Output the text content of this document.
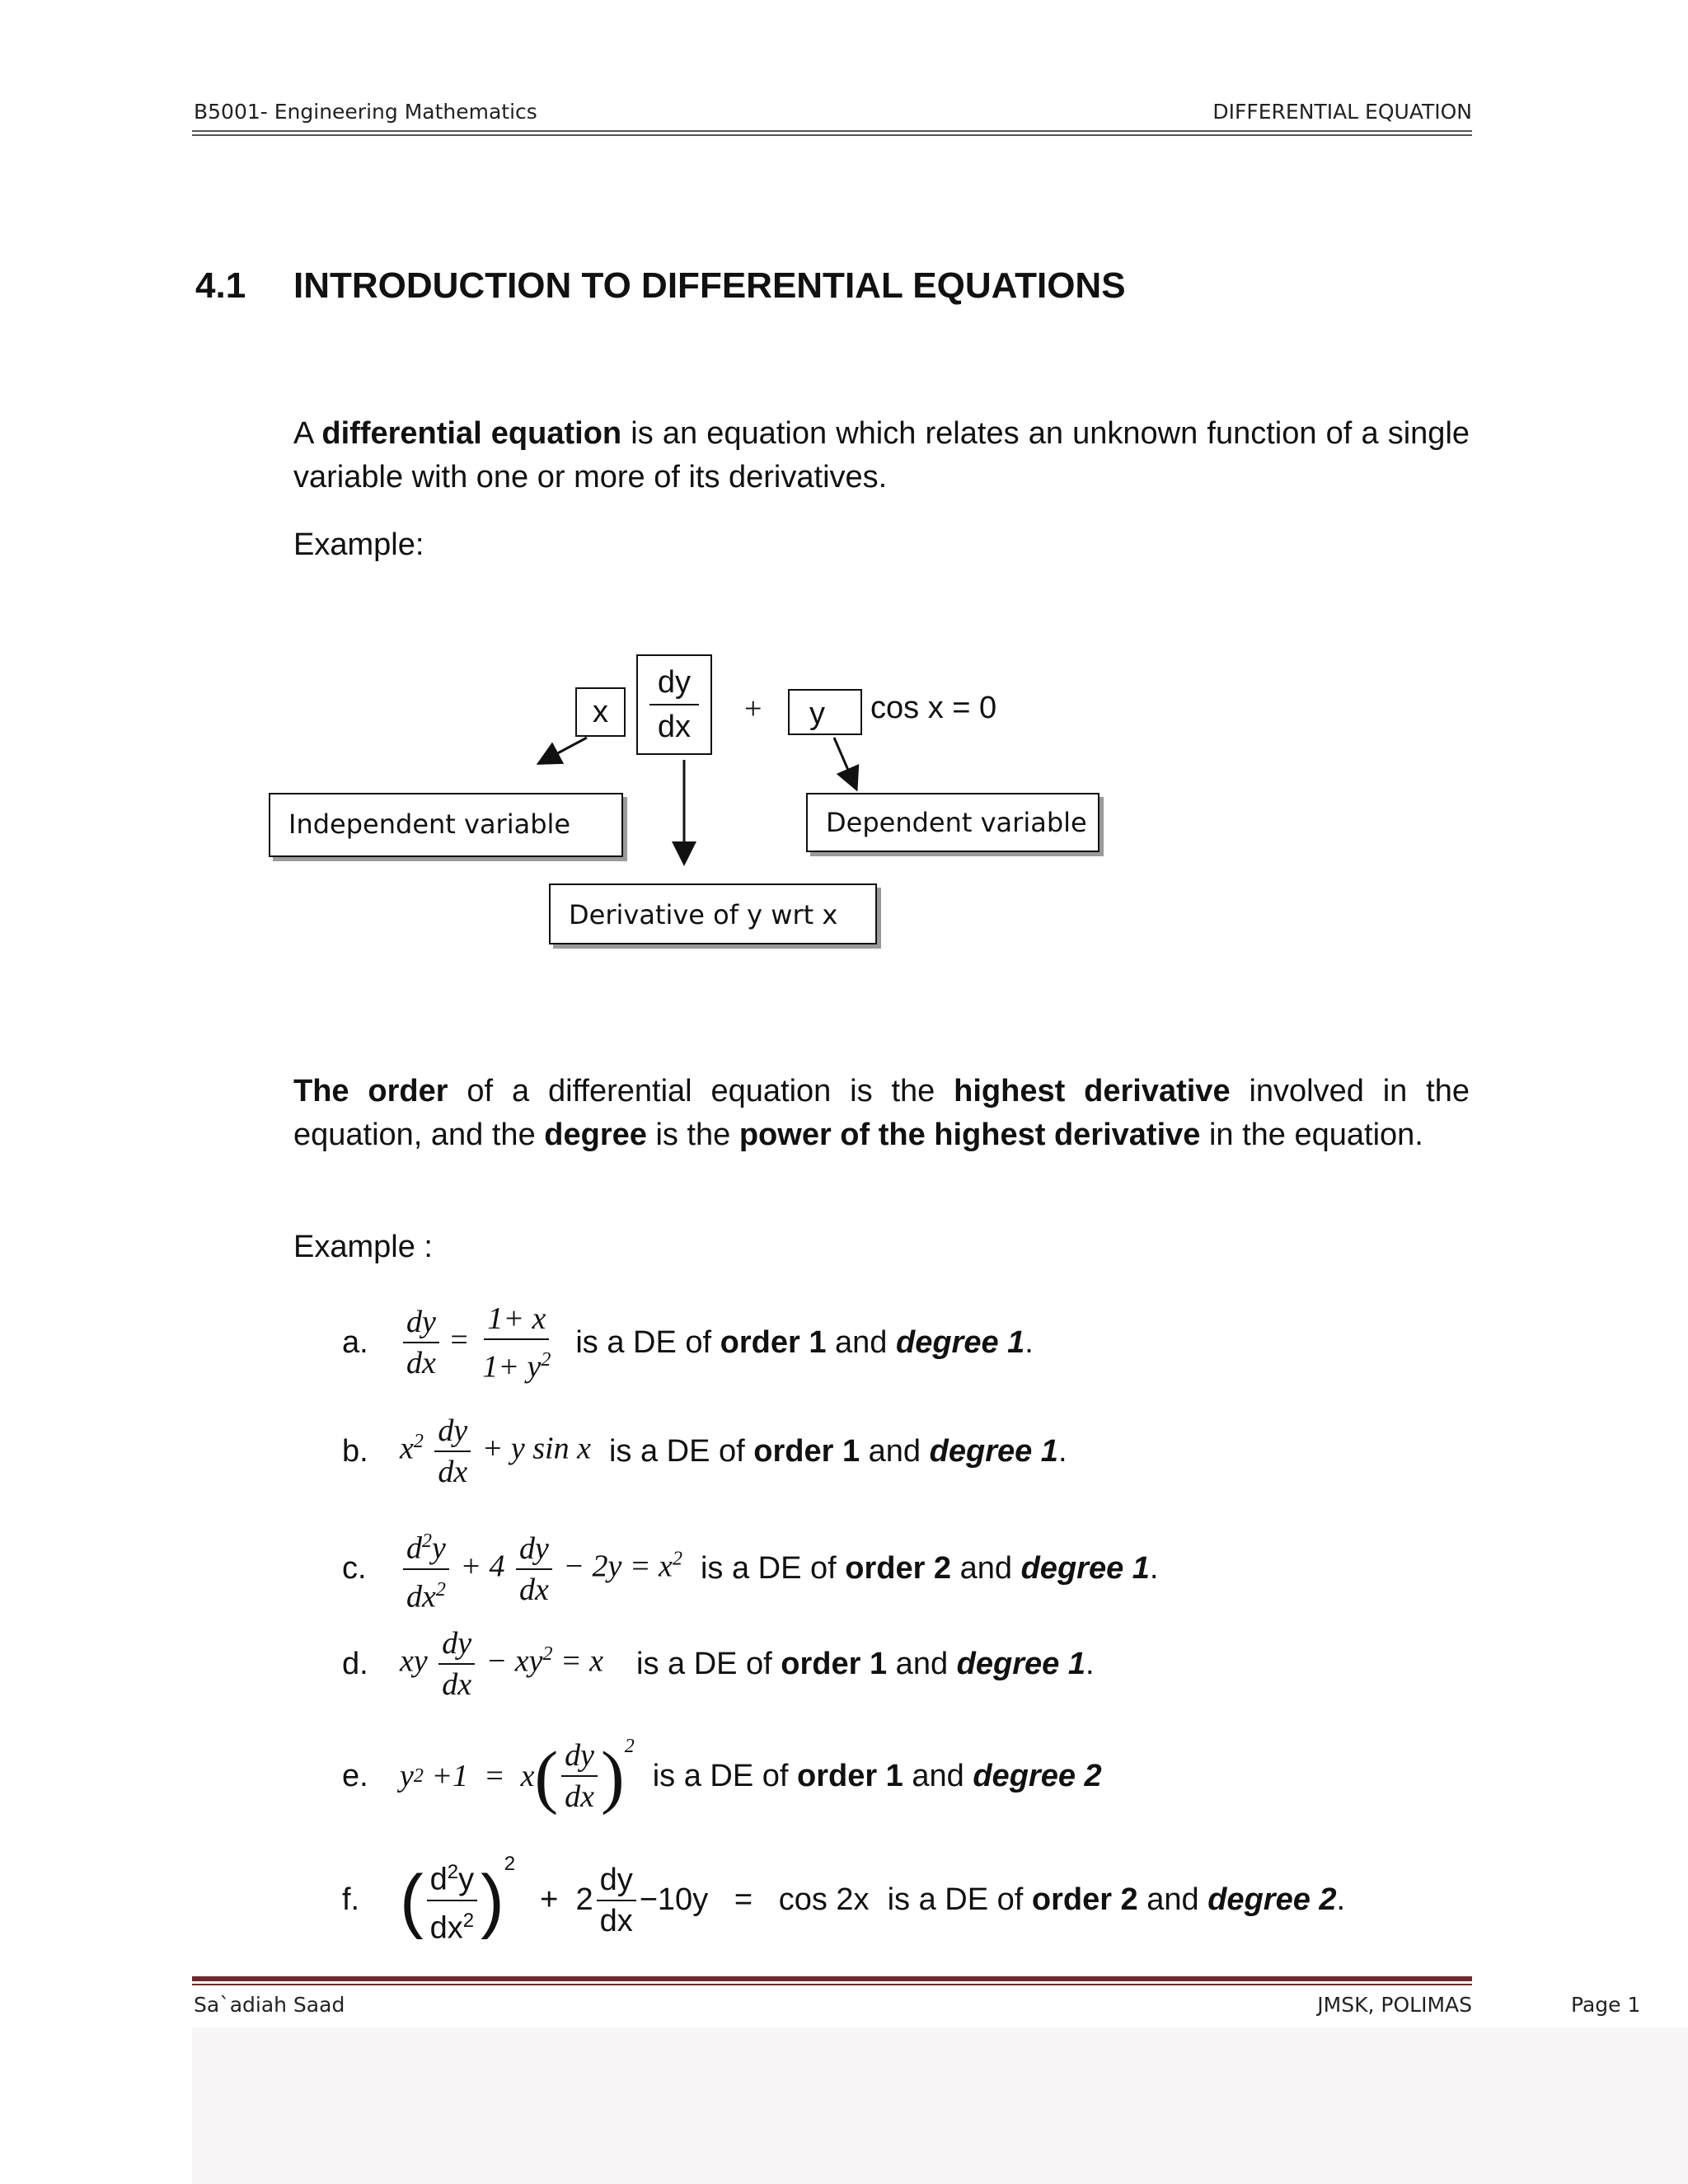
B5001- Engineering Mathematics	DIFFERENTIAL EQUATION
4.1 INTRODUCTION TO DIFFERENTIAL EQUATIONS
A differential equation is an equation which relates an unknown function of a single variable with one or more of its derivatives.
Example:
x
dy
dx
+	y	cos x = 0
Independent variable	Dependent variable
Derivative of y wrt x
The order of a differential equation is the highest derivative involved in the equation, and the degree is the power of the highest derivative in the equation.
Example :
a.	$\frac{dy}{dx} = \frac{1+ x}{1+ y^2}$ is a DE of order 1 and degree 1.
b.	$x^2 \frac{dy}{dx} + y$ sin x is a DE of order 1 and degree 1.
c.	$\frac{d^2y}{dx^2} + 4 \frac{dy}{dx} - 2y = x^2$ is a DE of order 2 and degree 1.
d.	xy $\frac{dy}{dx} - xy^2 = x$ is a DE of order 1 and degree 1.
e.	y 2 +1  =  x ( $\frac{dy}{dx}$ ) 2
is a DE of order 1 and degree 2
f. ( $\frac{d^2y}{dx^2}$ ) 2
+  $2 \frac{dy}{dx} -10y = \cos 2x$ is a DE of order 2 and degree 2.
Sa`adiah Saad	JMSK, POLIMAS	Page 1
